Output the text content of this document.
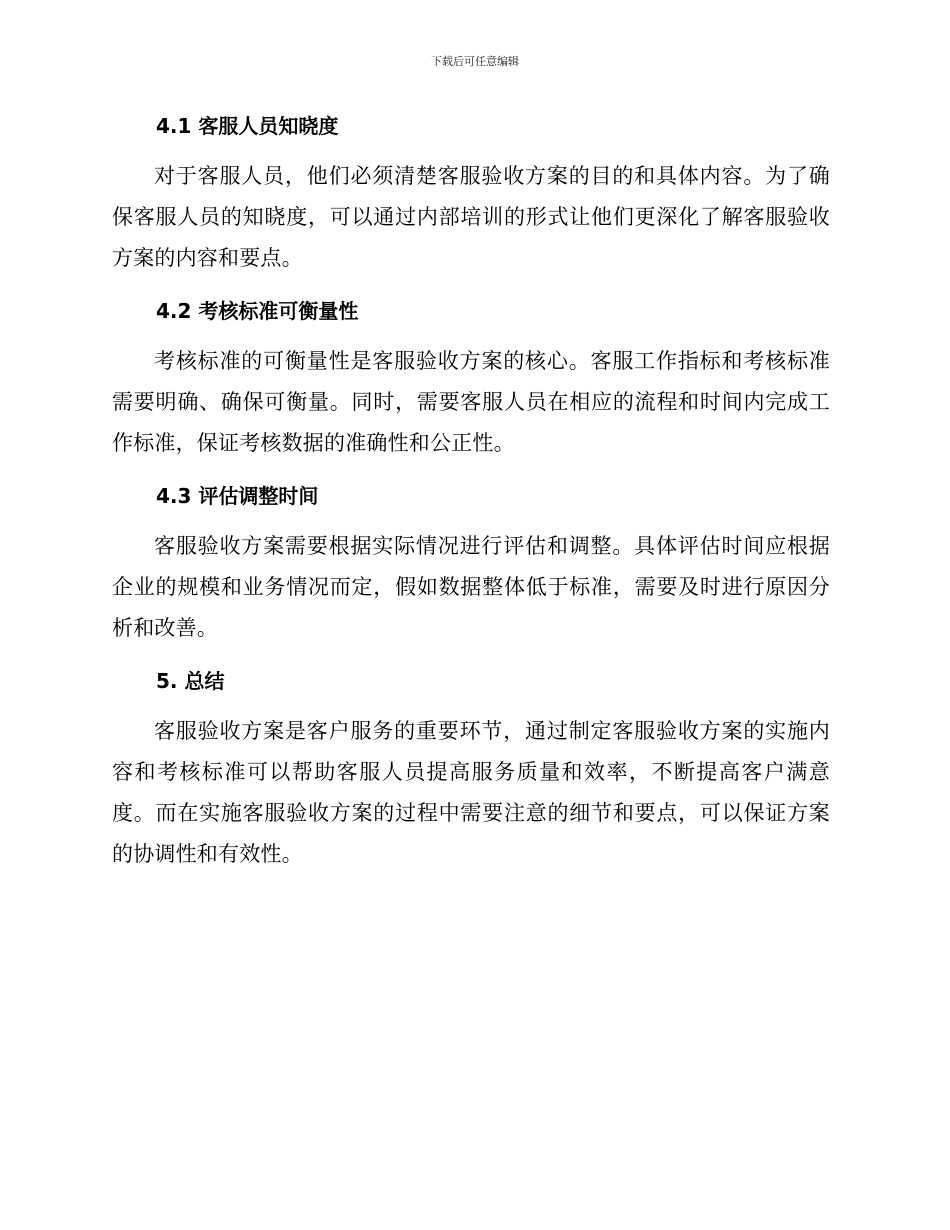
下载后可任意编辑
4.1 客服人员知晓度

对于客服人员，他们必须清楚客服验收方案的目的和具体内容。为了确保客服人员的知晓度，可以通过内部培训的形式让他们更深化了解客服验收方案的内容和要点。

4.2 考核标准可衡量性

考核标准的可衡量性是客服验收方案的核心。客服工作指标和考核标准需要明确、确保可衡量。同时，需要客服人员在相应的流程和时间内完成工作标准，保证考核数据的准确性和公正性。

4.3 评估调整时间

客服验收方案需要根据实际情况进行评估和调整。具体评估时间应根据企业的规模和业务情况而定，假如数据整体低于标准，需要及时进行原因分析和改善。

5. 总结

客服验收方案是客户服务的重要环节，通过制定客服验收方案的实施内容和考核标准可以帮助客服人员提高服务质量和效率，不断提高客户满意度。而在实施客服验收方案的过程中需要注意的细节和要点，可以保证方案的协调性和有效性。
